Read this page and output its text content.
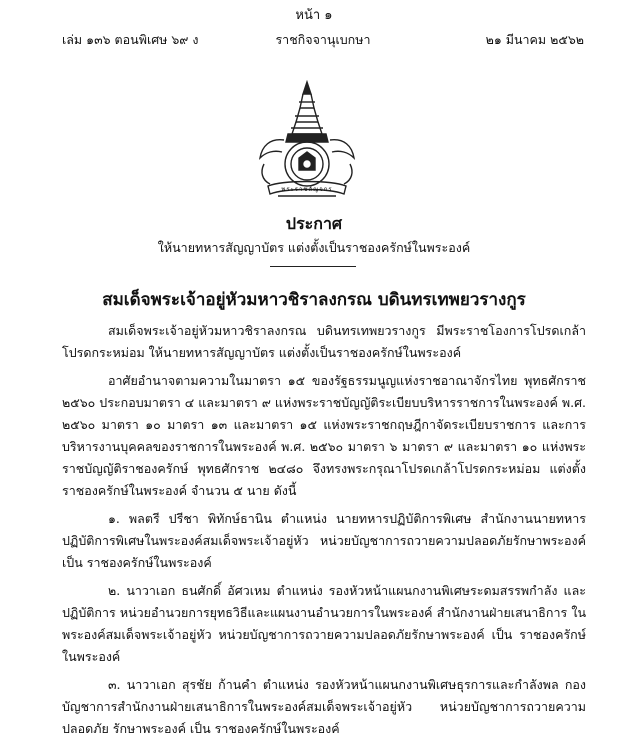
หน้า ๑
เล่ม ๑๓๖ ตอนพิเศษ ๖๙ ง	ราชกิจจานุเบกษา	๒๑ มีนาคม ๒๕๖๒
พระราชลัญจกร
ประกาศ
ให้นายทหารสัญญาบัตร แต่งตั้งเป็นราชองครักษ์ในพระองค์
สมเด็จพระเจ้าอยู่หัวมหาวชิราลงกรณ บดินทรเทพยวรางกูร

สมเด็จพระเจ้าอยู่หัวมหาวชิราลงกรณ บดินทรเทพยวรางกูร มีพระราชโองการโปรดเกล้าโปรดกระหม่อม ให้นายทหารสัญญาบัตร แต่งตั้งเป็นราชองครักษ์ในพระองค์

อาศัยอำนาจตามความในมาตรา ๑๕ ของรัฐธรรมนูญแห่งราชอาณาจักรไทย พุทธศักราช ๒๕๖๐ ประกอบมาตรา ๔ และมาตรา ๙ แห่งพระราชบัญญัติระเบียบบริหารราชการในพระองค์ พ.ศ. ๒๕๖๐ มาตรา ๑๐ มาตรา ๑๓ และมาตรา ๑๕ แห่งพระราชกฤษฎีกาจัดระเบียบราชการ และการบริหารงานบุคคลของราชการในพระองค์ พ.ศ. ๒๕๖๐ มาตรา ๖ มาตรา ๙ และมาตรา ๑๐ แห่งพระราชบัญญัติราชองครักษ์ พุทธศักราช ๒๔๘๐ จึงทรงพระกรุณาโปรดเกล้าโปรดกระหม่อม แต่งตั้งราชองครักษ์ในพระองค์ จำนวน ๕ นาย ดังนี้

๑. พลตรี ปรีชา พิทักษ์ธานิน ตำแหน่ง นายทหารปฏิบัติการพิเศษ สำนักงานนายทหาร ปฏิบัติการพิเศษในพระองค์สมเด็จพระเจ้าอยู่หัว หน่วยบัญชาการถวายความปลอดภัยรักษาพระองค์ เป็น ราชองครักษ์ในพระองค์

๒. นาวาเอก ธนศักดิ์ อัศวเหม ตำแหน่ง รองหัวหน้าแผนกงานพิเศษระดมสรรพกำลัง และปฏิบัติการ หน่วยอำนวยการยุทธวิธีและแผนงานอำนวยการในพระองค์ สำนักงานฝ่ายเสนาธิการ ในพระองค์สมเด็จพระเจ้าอยู่หัว หน่วยบัญชาการถวายความปลอดภัยรักษาพระองค์ เป็น ราชองครักษ์ ในพระองค์

๓. นาวาเอก สุรชัย ก้านคำ ตำแหน่ง รองหัวหน้าแผนกงานพิเศษธุรการและกำลังพล กองบัญชาการสำนักงานฝ่ายเสนาธิการในพระองค์สมเด็จพระเจ้าอยู่หัว หน่วยบัญชาการถวายความปลอดภัย รักษาพระองค์ เป็น ราชองครักษ์ในพระองค์
